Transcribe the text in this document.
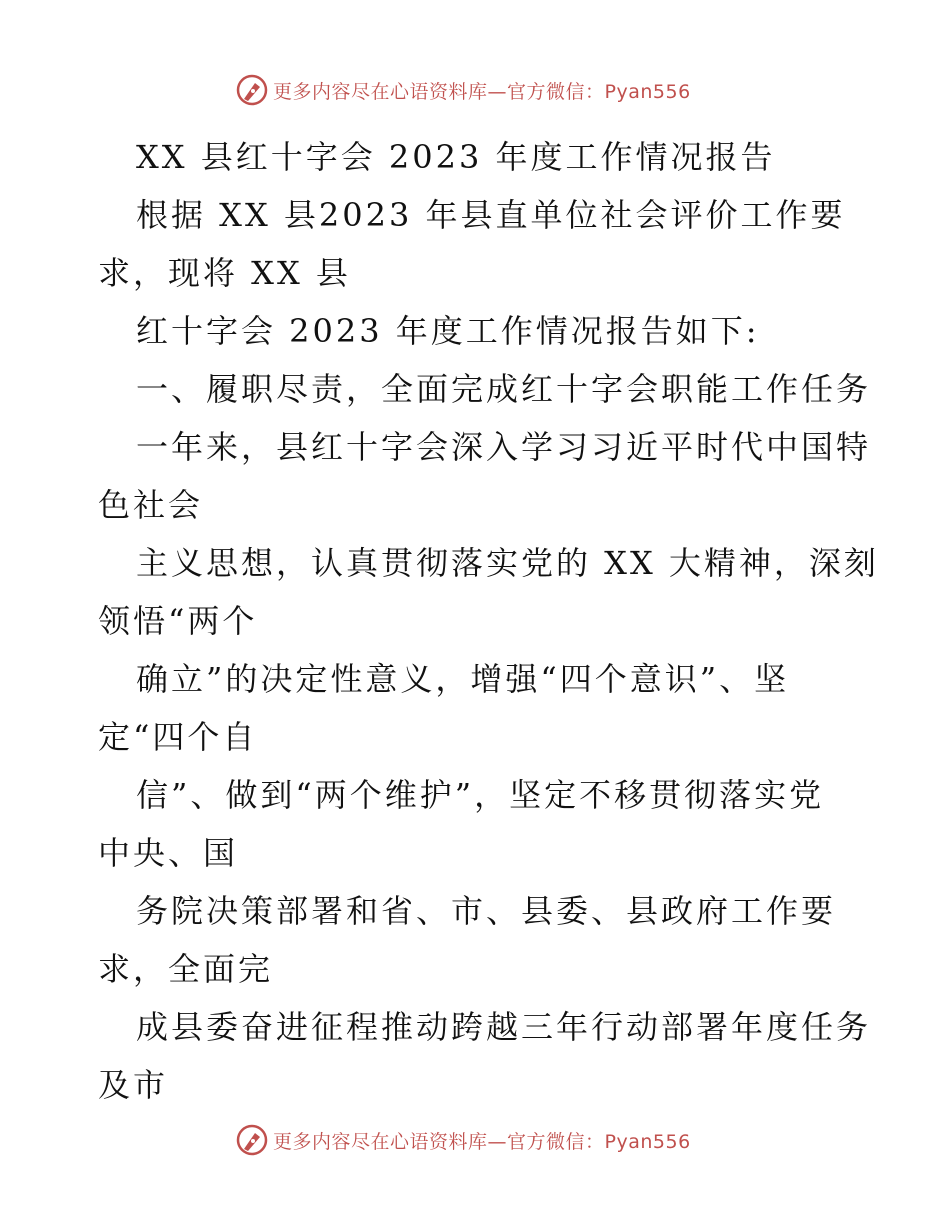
更多内容尽在心语资料库—官方微信：Pyan556
XX 县红十字会 2023 年度工作情况报告
根据 XX 县2023 年县直单位社会评价工作要
求，现将 XX 县
红十字会 2023 年度工作情况报告如下:
一、履职尽责，全面完成红十字会职能工作任务
一年来，县红十字会深入学习习近平时代中国特
色社会
主义思想，认真贯彻落实党的 XX 大精神，深刻
领悟“两个
确立”的决定性意义，增强“四个意识”、坚
定“四个自
信”、做到“两个维护”，坚定不移贯彻落实党
中央、国
务院决策部署和省、市、县委、县政府工作要
求，全面完
成县委奋进征程推动跨越三年行动部署年度任务
及市
更多内容尽在心语资料库—官方微信：Pyan556
